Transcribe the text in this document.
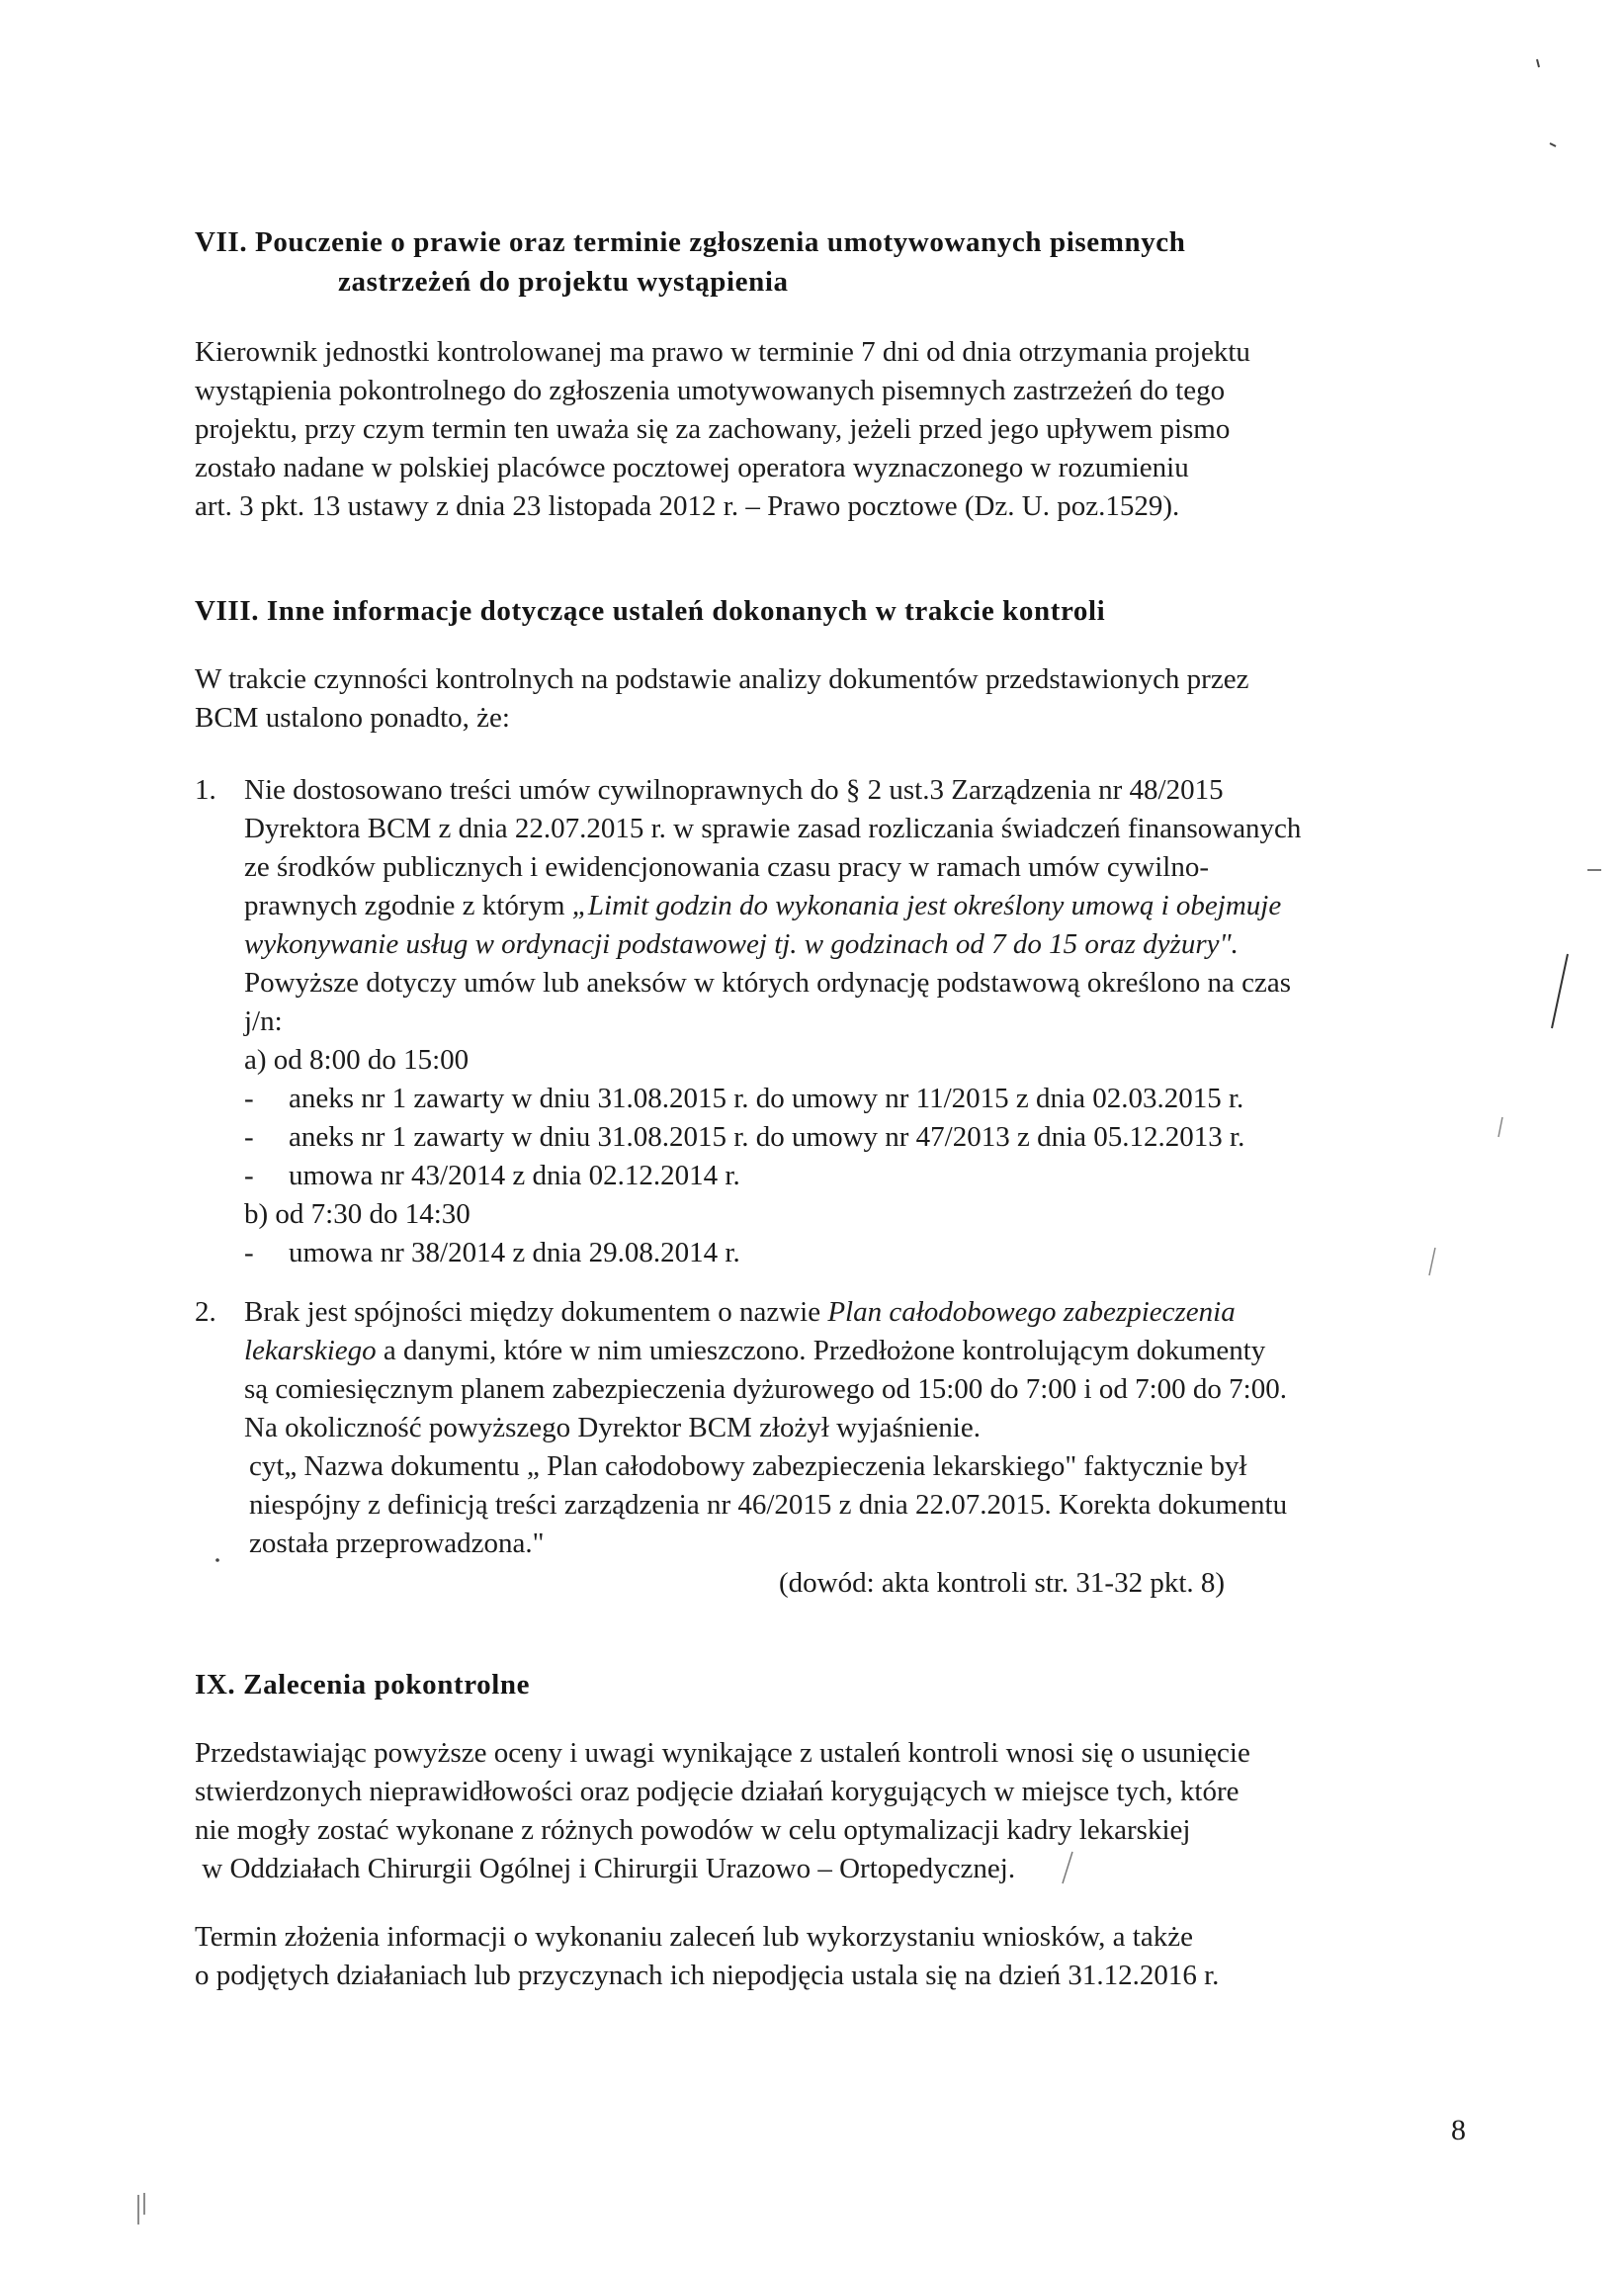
VII. Pouczenie o prawie oraz terminie zgłoszenia umotywowanych pisemnych
zastrzeżeń do projektu wystąpienia
Kierownik jednostki kontrolowanej ma prawo w terminie 7 dni od dnia otrzymania projektu
wystąpienia pokontrolnego do zgłoszenia umotywowanych pisemnych zastrzeżeń do tego
projektu, przy czym termin ten uważa się za zachowany, jeżeli przed jego upływem pismo
zostało nadane w polskiej placówce pocztowej operatora wyznaczonego w rozumieniu
art. 3 pkt. 13 ustawy z dnia 23 listopada 2012 r. – Prawo pocztowe (Dz. U. poz.1529).
VIII. Inne informacje dotyczące ustaleń dokonanych w trakcie kontroli
W trakcie czynności kontrolnych na podstawie analizy dokumentów przedstawionych przez
BCM ustalono ponadto, że:
1. Nie dostosowano treści umów cywilnoprawnych do § 2 ust.3 Zarządzenia nr 48/2015
Dyrektora BCM z dnia 22.07.2015 r. w sprawie zasad rozliczania świadczeń finansowanych
ze środków publicznych i ewidencjonowania czasu pracy w ramach umów cywilno-
prawnych zgodnie z którym „Limit godzin do wykonania jest określony umową i obejmuje
wykonywanie usług w ordynacji podstawowej tj. w godzinach od 7 do 15 oraz dyżury".
Powyższe dotyczy umów lub aneksów w których ordynację podstawową określono na czas
j/n:
a) od 8:00 do 15:00
- aneks nr 1 zawarty w dniu 31.08.2015 r. do umowy nr 11/2015 z dnia 02.03.2015 r.
- aneks nr 1 zawarty w dniu 31.08.2015 r. do umowy nr 47/2013 z dnia 05.12.2013 r.
- umowa nr 43/2014 z dnia 02.12.2014 r.
b) od 7:30 do 14:30
- umowa nr 38/2014 z dnia 29.08.2014 r.
2. Brak jest spójności między dokumentem o nazwie Plan całodobowego zabezpieczenia
lekarskiego a danymi, które w nim umieszczono. Przedłożone kontrolującym dokumenty
są comiesięcznym planem zabezpieczenia dyżurowego od 15:00 do 7:00 i od 7:00 do 7:00.
Na okoliczność powyższego Dyrektor BCM złożył wyjaśnienie.
cyt„ Nazwa dokumentu „ Plan całodobowy zabezpieczenia lekarskiego" faktycznie był
niespójny z definicją treści zarządzenia nr 46/2015 z dnia 22.07.2015. Korekta dokumentu
została przeprowadzona."
(dowód: akta kontroli str. 31-32 pkt. 8)
IX. Zalecenia pokontrolne
Przedstawiając powyższe oceny i uwagi wynikające z ustaleń kontroli wnosi się o usunięcie
stwierdzonych nieprawidłowości oraz podjęcie działań korygujących w miejsce tych, które
nie mogły zostać wykonane z różnych powodów w celu optymalizacji kadry lekarskiej
w Oddziałach Chirurgii Ogólnej i Chirurgii Urazowo – Ortopedycznej.
Termin złożenia informacji o wykonaniu zaleceń lub wykorzystaniu wniosków, a także
o podjętych działaniach lub przyczynach ich niepodjęcia ustala się na dzień 31.12.2016 r.
8
